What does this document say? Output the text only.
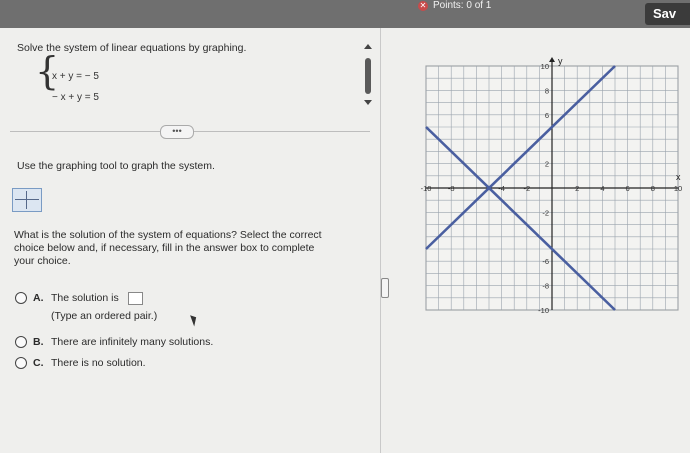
✕ Points: 0 of 1
Sav
Solve the system of linear equations by graphing.
{
x + y = − 5
− x + y = 5
•••
Use the graphing tool to graph the system.
What is the solution of the system of equations? Select the correct
choice below and, if necessary, fill in the answer box to complete
your choice.
A. The solution is
(Type an ordered pair.)
B. There are infinitely many solutions.
C. There is no solution.
y
x
-10 -8	-4 -2	2	4	6	8	10
10
8
6
2
-2
-6
-8
-10
